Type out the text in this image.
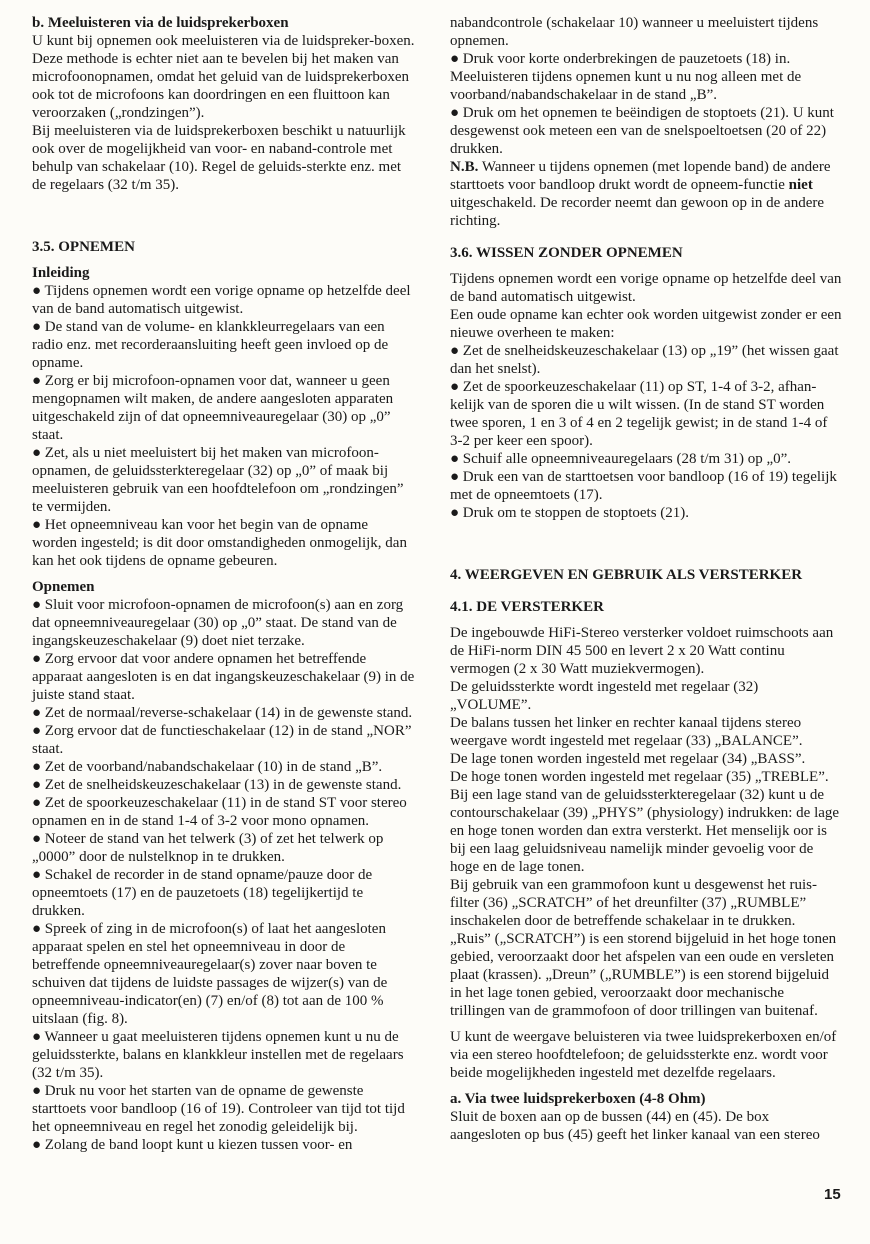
b. Meeluisteren via de luidsprekerboxen

U kunt bij opnemen ook meeluisteren via de luidspreker-boxen. Deze methode is echter niet aan te bevelen bij het maken van microfoonopnamen, omdat het geluid van de luidsprekerboxen ook tot de microfoons kan doordringen en een fluittoon kan veroorzaken („rondzingen”).

Bij meeluisteren via de luidsprekerboxen beschikt u natuurlijk ook over de mogelijkheid van voor- en naband-controle met behulp van schakelaar (10). Regel de geluids-sterkte enz. met de regelaars (32 t/m 35).

3.5. OPNEMEN

Inleiding

● Tijdens opnemen wordt een vorige opname op hetzelfde deel van de band automatisch uitgewist.

● De stand van de volume- en klankkleurregelaars van een radio enz. met recorderaansluiting heeft geen invloed op de opname.

● Zorg er bij microfoon-opnamen voor dat, wanneer u geen mengopnamen wilt maken, de andere aangesloten apparaten uitgeschakeld zijn of dat opneemniveauregelaar (30) op „0” staat.

● Zet, als u niet meeluistert bij het maken van microfoon-opnamen, de geluidssterkteregelaar (32) op „0” of maak bij meeluisteren gebruik van een hoofdtelefoon om „rondzingen” te vermijden.

● Het opneemniveau kan voor het begin van de opname worden ingesteld; is dit door omstandigheden onmogelijk, dan kan het ook tijdens de opname gebeuren.

Opnemen

● Sluit voor microfoon-opnamen de microfoon(s) aan en zorg dat opneemniveauregelaar (30) op „0” staat. De stand van de ingangskeuzeschakelaar (9) doet niet terzake.

● Zorg ervoor dat voor andere opnamen het betreffende apparaat aangesloten is en dat ingangskeuzeschakelaar (9) in de juiste stand staat.

● Zet de normaal/reverse-schakelaar (14) in de gewenste stand.

● Zorg ervoor dat de functieschakelaar (12) in de stand „NOR” staat.

● Zet de voorband/nabandschakelaar (10) in de stand „B”.

● Zet de snelheidskeuzeschakelaar (13) in de gewenste stand.

● Zet de spoorkeuzeschakelaar (11) in de stand ST voor stereo opnamen en in de stand 1-4 of 3-2 voor mono opnamen.

● Noteer de stand van het telwerk (3) of zet het telwerk op „0000” door de nulstelknop in te drukken.

● Schakel de recorder in de stand opname/pauze door de opneemtoets (17) en de pauzetoets (18) tegelijkertijd te drukken.

● Spreek of zing in de microfoon(s) of laat het aangesloten apparaat spelen en stel het opneemniveau in door de betreffende opneemniveauregelaar(s) zover naar boven te schuiven dat tijdens de luidste passages de wijzer(s) van de opneemniveau-indicator(en) (7) en/of (8) tot aan de 100 % uitslaan (fig. 8).

● Wanneer u gaat meeluisteren tijdens opnemen kunt u nu de geluidssterkte, balans en klankkleur instellen met de regelaars (32 t/m 35).

● Druk nu voor het starten van de opname de gewenste starttoets voor bandloop (16 of 19). Controleer van tijd tot tijd het opneemniveau en regel het zonodig geleidelijk bij.

● Zolang de band loopt kunt u kiezen tussen voor- en

nabandcontrole (schakelaar 10) wanneer u meeluistert tijdens opnemen.

● Druk voor korte onderbrekingen de pauzetoets (18) in. Meeluisteren tijdens opnemen kunt u nu nog alleen met de voorband/nabandschakelaar in de stand „B”.

● Druk om het opnemen te beëindigen de stoptoets (21). U kunt desgewenst ook meteen een van de snelspoeltoetsen (20 of 22) drukken.

N.B. Wanneer u tijdens opnemen (met lopende band) de andere starttoets voor bandloop drukt wordt de opneem-functie niet uitgeschakeld. De recorder neemt dan gewoon op in de andere richting.

3.6. WISSEN ZONDER OPNEMEN

Tijdens opnemen wordt een vorige opname op hetzelfde deel van de band automatisch uitgewist.

Een oude opname kan echter ook worden uitgewist zonder er een nieuwe overheen te maken:

● Zet de snelheidskeuzeschakelaar (13) op „19” (het wissen gaat dan het snelst).

● Zet de spoorkeuzeschakelaar (11) op ST, 1-4 of 3-2, afhan-kelijk van de sporen die u wilt wissen. (In de stand ST worden twee sporen, 1 en 3 of 4 en 2 tegelijk gewist; in de stand 1-4 of 3-2 per keer een spoor).

● Schuif alle opneemniveauregelaars (28 t/m 31) op „0”.

● Druk een van de starttoetsen voor bandloop (16 of 19) tegelijk met de opneemtoets (17).

● Druk om te stoppen de stoptoets (21).

4. WEERGEVEN EN GEBRUIK ALS VERSTERKER

4.1. DE VERSTERKER

De ingebouwde HiFi-Stereo versterker voldoet ruimschoots aan de HiFi-norm DIN 45 500 en levert 2 x 20 Watt continu vermogen (2 x 30 Watt muziekvermogen).

De geluidssterkte wordt ingesteld met regelaar (32) „VOLUME”.

De balans tussen het linker en rechter kanaal tijdens stereo weergave wordt ingesteld met regelaar (33) „BALANCE”.

De lage tonen worden ingesteld met regelaar (34) „BASS”.

De hoge tonen worden ingesteld met regelaar (35) „TREBLE”.

Bij een lage stand van de geluidssterkteregelaar (32) kunt u de contourschakelaar (39) „PHYS” (physiology) indrukken: de lage en hoge tonen worden dan extra versterkt. Het menselijk oor is bij een laag geluidsniveau namelijk minder gevoelig voor de hoge en de lage tonen.

Bij gebruik van een grammofoon kunt u desgewenst het ruis-filter (36) „SCRATCH” of het dreunfilter (37) „RUMBLE” inschakelen door de betreffende schakelaar in te drukken.

„Ruis” („SCRATCH”) is een storend bijgeluid in het hoge tonen gebied, veroorzaakt door het afspelen van een oude en versleten plaat (krassen). „Dreun” („RUMBLE”) is een storend bijgeluid in het lage tonen gebied, veroorzaakt door mechanische trillingen van de grammofoon of door trillingen van buitenaf.

U kunt de weergave beluisteren via twee luidsprekerboxen en/of via een stereo hoofdtelefoon; de geluidssterkte enz. wordt voor beide mogelijkheden ingesteld met dezelfde regelaars.

a. Via twee luidsprekerboxen (4-8 Ohm)

Sluit de boxen aan op de bussen (44) en (45). De box aangesloten op bus (45) geeft het linker kanaal van een stereo

15
